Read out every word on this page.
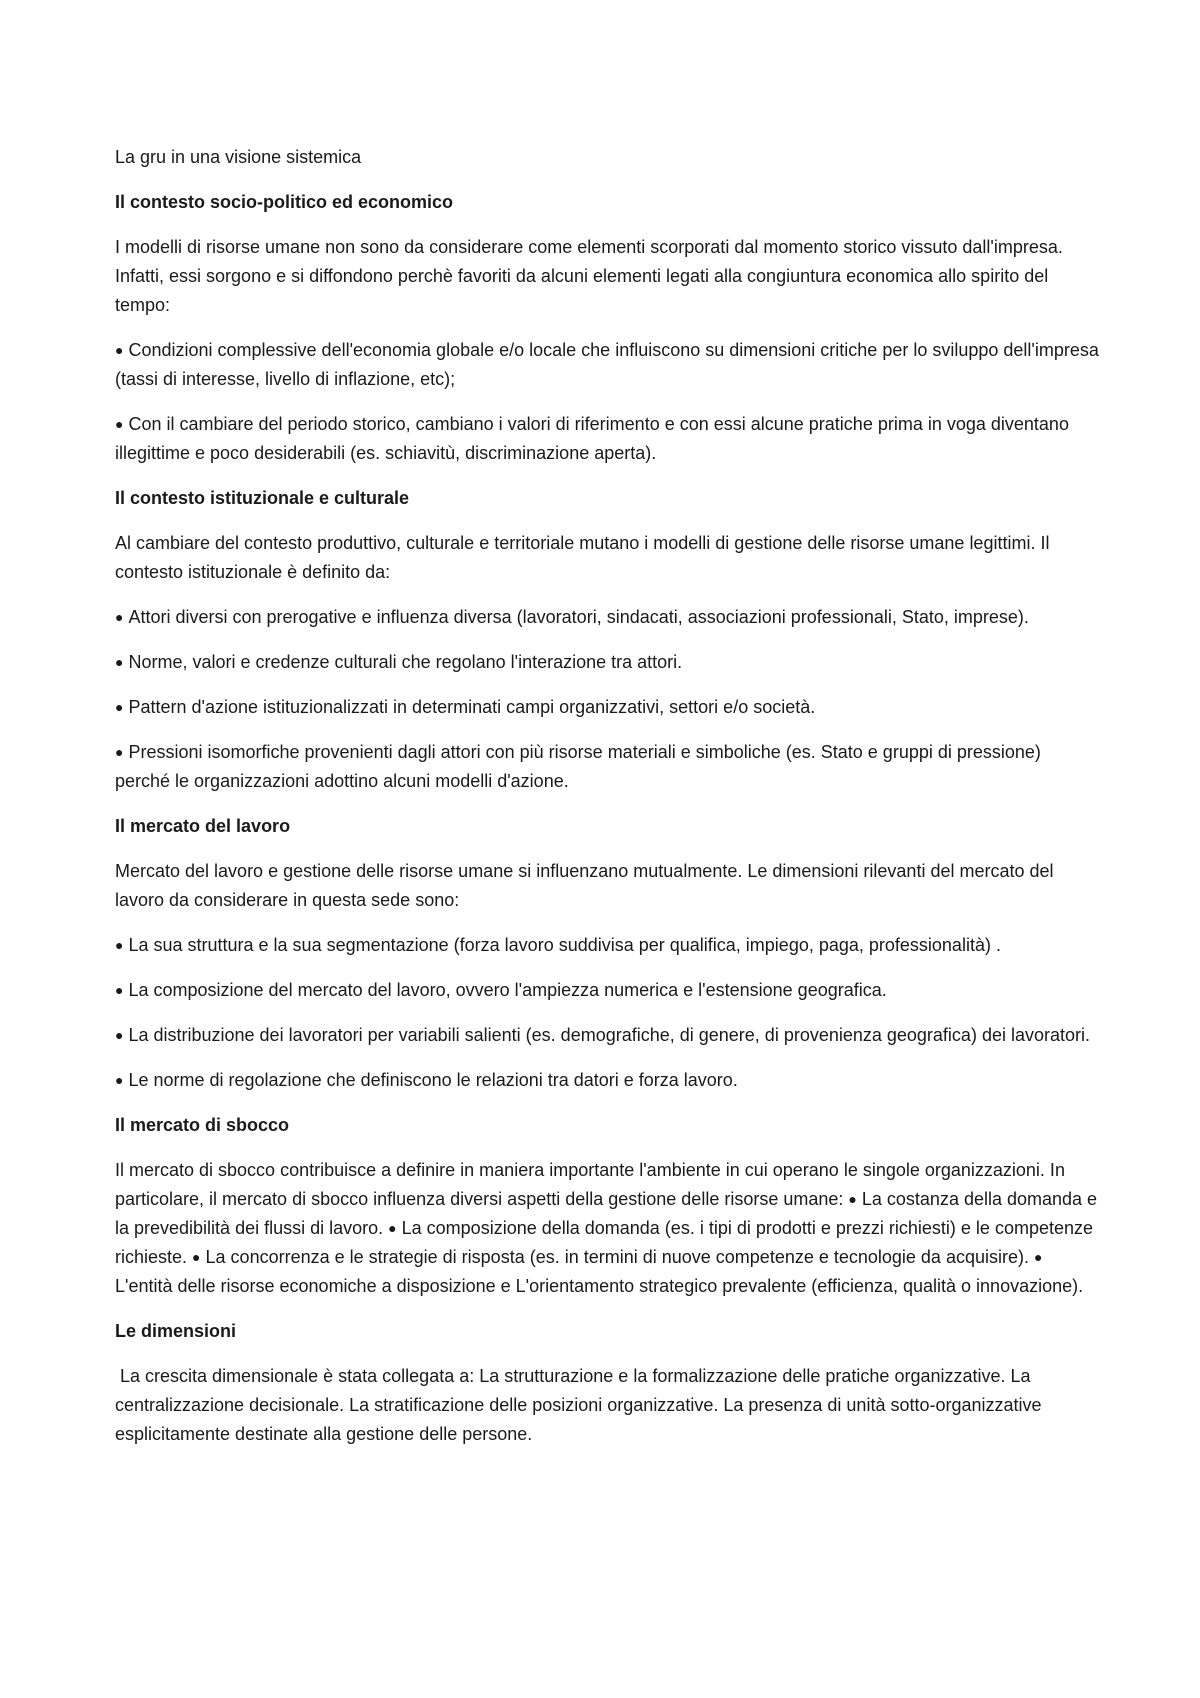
La gru in una visione sistemica

Il contesto socio-politico ed economico

I modelli di risorse umane non sono da considerare come elementi scorporati dal momento storico vissuto dall'impresa. Infatti, essi sorgono e si diffondono perchè favoriti da alcuni elementi legati alla congiuntura economica allo spirito del tempo:

● Condizioni complessive dell'economia globale e/o locale che influiscono su dimensioni critiche per lo sviluppo dell'impresa (tassi di interesse, livello di inflazione, etc);

● Con il cambiare del periodo storico, cambiano i valori di riferimento e con essi alcune pratiche prima in voga diventano illegittime e poco desiderabili (es. schiavitù, discriminazione aperta).

Il contesto istituzionale e culturale

Al cambiare del contesto produttivo, culturale e territoriale mutano i modelli di gestione delle risorse umane legittimi. Il contesto istituzionale è definito da:

● Attori diversi con prerogative e influenza diversa (lavoratori, sindacati, associazioni professionali, Stato, imprese).

● Norme, valori e credenze culturali che regolano l'interazione tra attori.

● Pattern d'azione istituzionalizzati in determinati campi organizzativi, settori e/o società.

● Pressioni isomorfiche provenienti dagli attori con più risorse materiali e simboliche (es. Stato e gruppi di pressione) perché le organizzazioni adottino alcuni modelli d'azione.

Il mercato del lavoro

Mercato del lavoro e gestione delle risorse umane si influenzano mutualmente. Le dimensioni rilevanti del mercato del lavoro da considerare in questa sede sono:

● La sua struttura e la sua segmentazione (forza lavoro suddivisa per qualifica, impiego, paga, professionalità) .

● La composizione del mercato del lavoro, ovvero l'ampiezza numerica e l'estensione geografica.

● La distribuzione dei lavoratori per variabili salienti (es. demografiche, di genere, di provenienza geografica) dei lavoratori.

● Le norme di regolazione che definiscono le relazioni tra datori e forza lavoro.

Il mercato di sbocco

Il mercato di sbocco contribuisce a definire in maniera importante l'ambiente in cui operano le singole organizzazioni. In particolare, il mercato di sbocco influenza diversi aspetti della gestione delle risorse umane: ● La costanza della domanda e la prevedibilità dei flussi di lavoro. ● La composizione della domanda (es. i tipi di prodotti e prezzi richiesti) e le competenze richieste. ● La concorrenza e le strategie di risposta (es. in termini di nuove competenze e tecnologie da acquisire). ● L'entità delle risorse economiche a disposizione e L'orientamento strategico prevalente (efficienza, qualità o innovazione).

Le dimensioni

La crescita dimensionale è stata collegata a: La strutturazione e la formalizzazione delle pratiche organizzative. La centralizzazione decisionale. La stratificazione delle posizioni organizzative. La presenza di unità sotto-organizzative esplicitamente destinate alla gestione delle persone.
